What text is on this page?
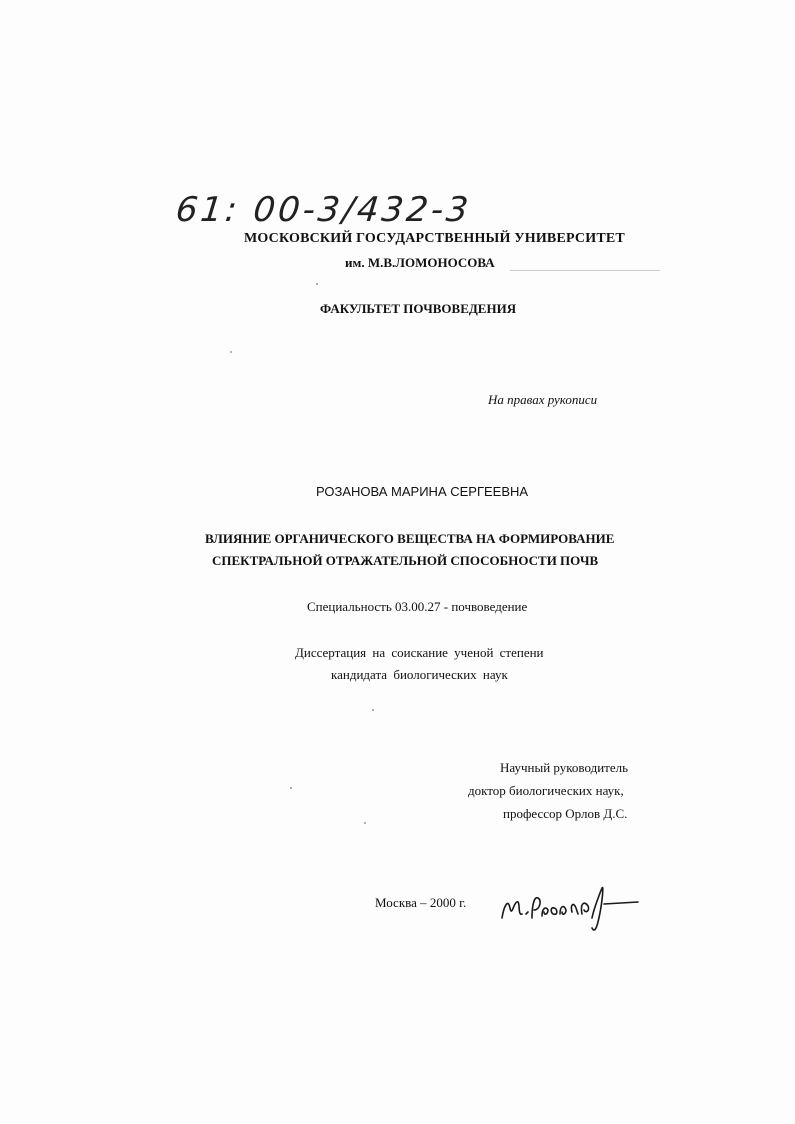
61: 00-3/432-3
МОСКОВСКИЙ ГОСУДАРСТВЕННЫЙ УНИВЕРСИТЕТ
им. М.В.ЛОМОНОСОВА
ФАКУЛЬТЕТ ПОЧВОВЕДЕНИЯ
На правах рукописи
РОЗАНОВА МАРИНА СЕРГЕЕВНА
ВЛИЯНИЕ ОРГАНИЧЕСКОГО ВЕЩЕСТВА НА ФОРМИРОВАНИЕ
СПЕКТРАЛЬНОЙ ОТРАЖАТЕЛЬНОЙ СПОСОБНОСТИ ПОЧВ
Специальность 03.00.27 - почвоведение
Диссертация на соискание ученой степени
кандидата биологических наук
Научный руководитель
доктор биологических наук,
профессор Орлов Д.С.
Москва – 2000 г.
